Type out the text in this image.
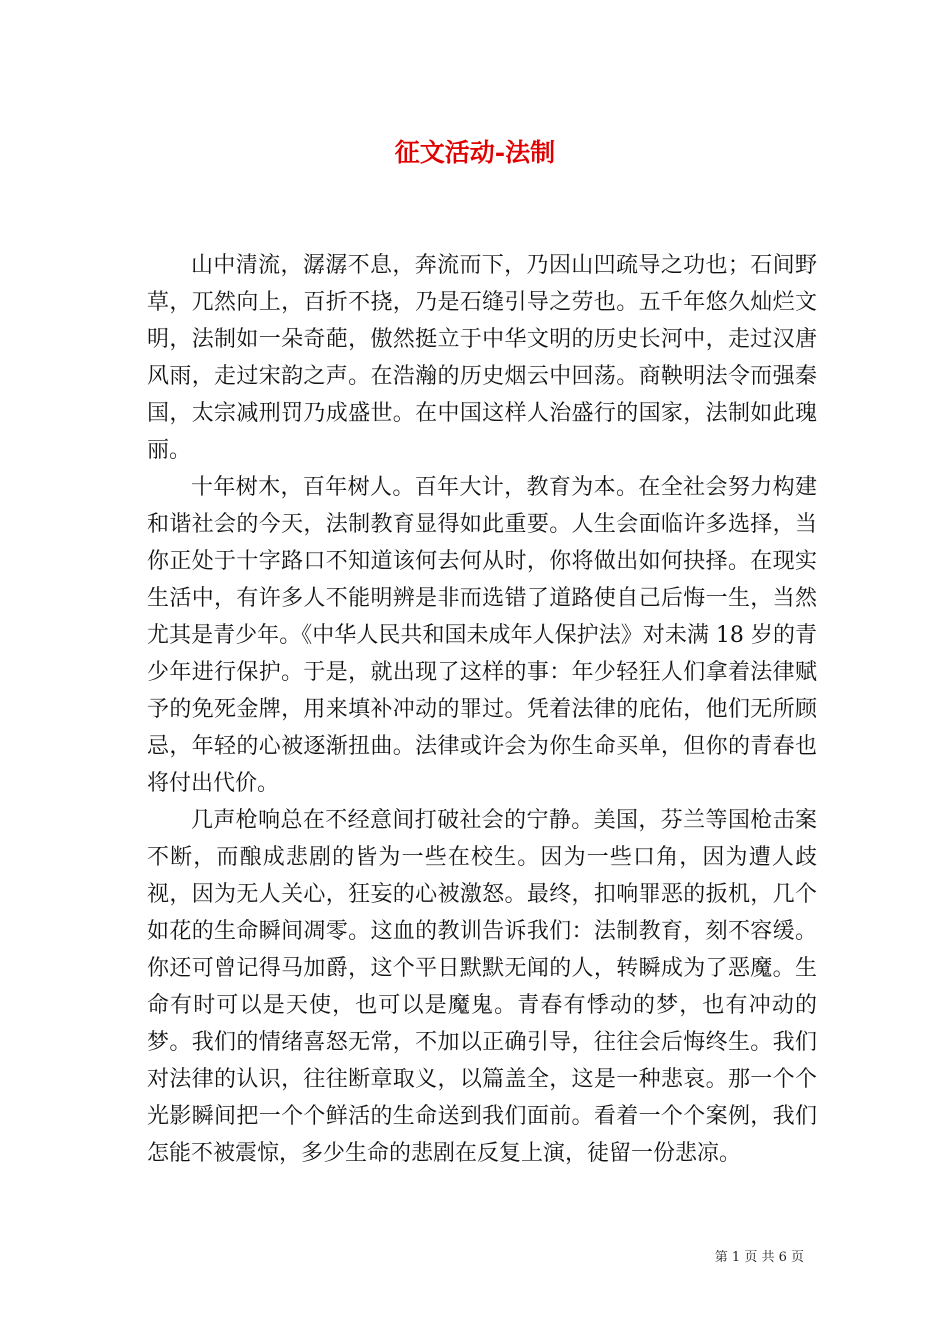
征文活动-法制

山中清流，潺潺不息，奔流而下，乃因山凹疏导之功也；石间野草，兀然向上，百折不挠，乃是石缝引导之劳也。五千年悠久灿烂文明，法制如一朵奇葩，傲然挺立于中华文明的历史长河中，走过汉唐风雨，走过宋韵之声。在浩瀚的历史烟云中回荡。商鞅明法令而强秦国，太宗减刑罚乃成盛世。在中国这样人治盛行的国家，法制如此瑰丽。

十年树木，百年树人。百年大计，教育为本。在全社会努力构建和谐社会的今天，法制教育显得如此重要。人生会面临许多选择，当你正处于十字路口不知道该何去何从时，你将做出如何抉择。在现实生活中，有许多人不能明辨是非而选错了道路使自己后悔一生，当然尤其是青少年。《中华人民共和国未成年人保护法》对未满 18 岁的青少年进行保护。于是，就出现了这样的事：年少轻狂人们拿着法律赋予的免死金牌，用来填补冲动的罪过。凭着法律的庇佑，他们无所顾忌，年轻的心被逐渐扭曲。法律或许会为你生命买单，但你的青春也将付出代价。

几声枪响总在不经意间打破社会的宁静。美国，芬兰等国枪击案不断，而酿成悲剧的皆为一些在校生。因为一些口角，因为遭人歧视，因为无人关心，狂妄的心被激怒。最终，扣响罪恶的扳机，几个如花的生命瞬间凋零。这血的教训告诉我们：法制教育，刻不容缓。你还可曾记得马加爵，这个平日默默无闻的人，转瞬成为了恶魔。生命有时可以是天使，也可以是魔鬼。青春有悸动的梦，也有冲动的梦。我们的情绪喜怒无常，不加以正确引导，往往会后悔终生。我们对法律的认识，往往断章取义，以篇盖全，这是一种悲哀。那一个个光影瞬间把一个个鲜活的生命送到我们面前。看着一个个案例，我们怎能不被震惊，多少生命的悲剧在反复上演，徒留一份悲凉。

第 1 页 共 6 页
